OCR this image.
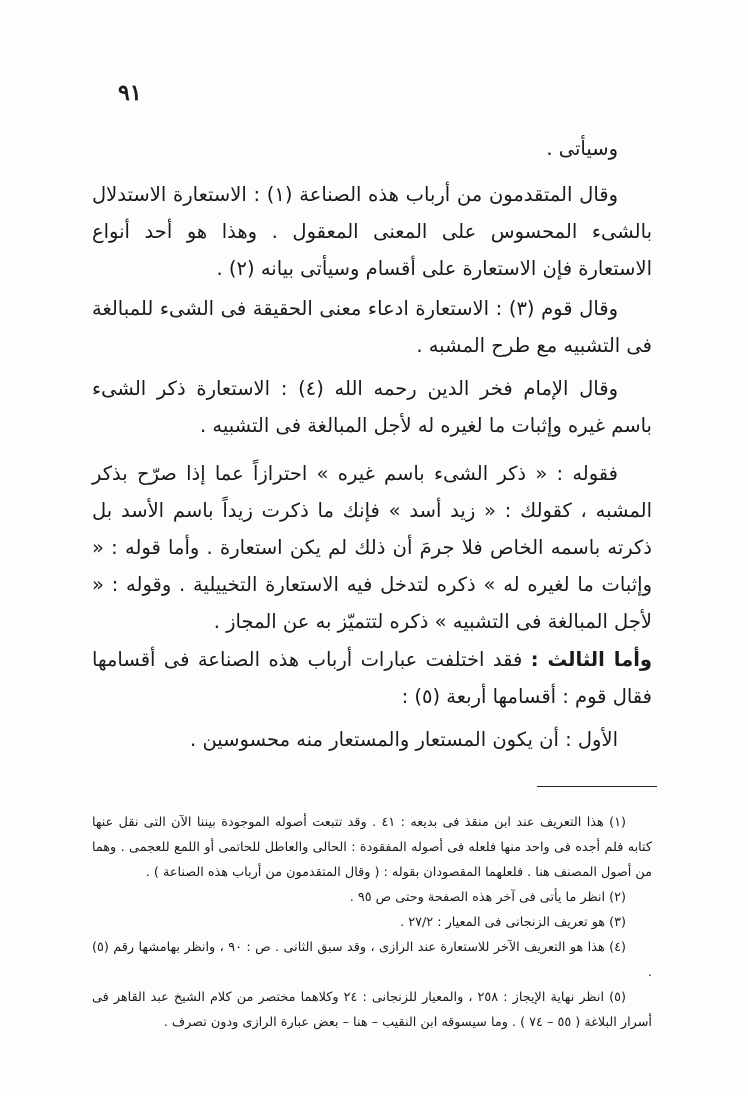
٩١

وسيأتى .

وقال المتقدمون من أرباب هذه الصناعة (١) : الاستعارة الاستدلال بالشىء المحسوس على المعنى المعقول . وهذا هو أحد أنواع الاستعارة فإن الاستعارة على أقسام وسيأتى بيانه (٢) .

وقال قوم (٣) : الاستعارة ادعاء معنى الحقيقة فى الشىء للمبالغة فى التشبيه مع طرح المشبه .

وقال الإمام فخر الدين رحمه الله (٤) : الاستعارة ذكر الشىء باسم غيره وإثبات ما لغيره له لأجل المبالغة فى التشبيه .

فقوله : « ذكر الشىء باسم غيره » احترازاً عما إذا صرّح بذكر المشبه ، كقولك : « زيد أسد » فإنك ما ذكرت زيداً باسم الأسد بل ذكرته باسمه الخاص فلا جرمَ أن ذلك لم يكن استعارة . وأما قوله : « وإثبات ما لغيره له » ذكره لتدخل فيه الاستعارة التخييلية . وقوله : « لأجل المبالغة فى التشبيه » ذكره لتتميّز به عن المجاز .

وأما الثالث : فقد اختلفت عبارات أرباب هذه الصناعة فى أقسامها فقال قوم : أقسامها أربعة (٥) :

الأول : أن يكون المستعار والمستعار منه محسوسين .

(١) هذا التعريف عند ابن منقذ فى بديعه : ٤١ . وقد تتبعت أصوله الموجودة بيننا الآن التى نقل عنها كتابه فلم أجده فى واحد منها فلعله فى أصوله المفقودة : الحالى والعاطل للحاتمى أو اللمع للعجمى . وهما من أصول المصنف هنا . فلعلهما المقصودان بقوله : ( وقال المتقدمون من أرباب هذه الصناعة ) .

(٢) انظر ما يأتى فى آخر هذه الصفحة وحتى ص ٩٥ .

(٣) هو تعريف الزنجانى فى المعيار : ٢٧/٢ .

(٤) هذا هو التعريف الآخر للاستعارة عند الرازى ، وقد سبق الثانى . ص : ٩٠ ، وانظر بهامشها رقم (٥) .

(٥) انظر نهاية الإيجاز : ٢٥٨ ، والمعيار للزنجانى : ٢٤ وكلاهما مختصر من كلام الشيخ عبد القاهر فى أسرار البلاغة ( ٥٥ – ٧٤ ) . وما سيسوقه ابن النقيب – هنا – بعض عبارة الرازى ودون تصرف .
